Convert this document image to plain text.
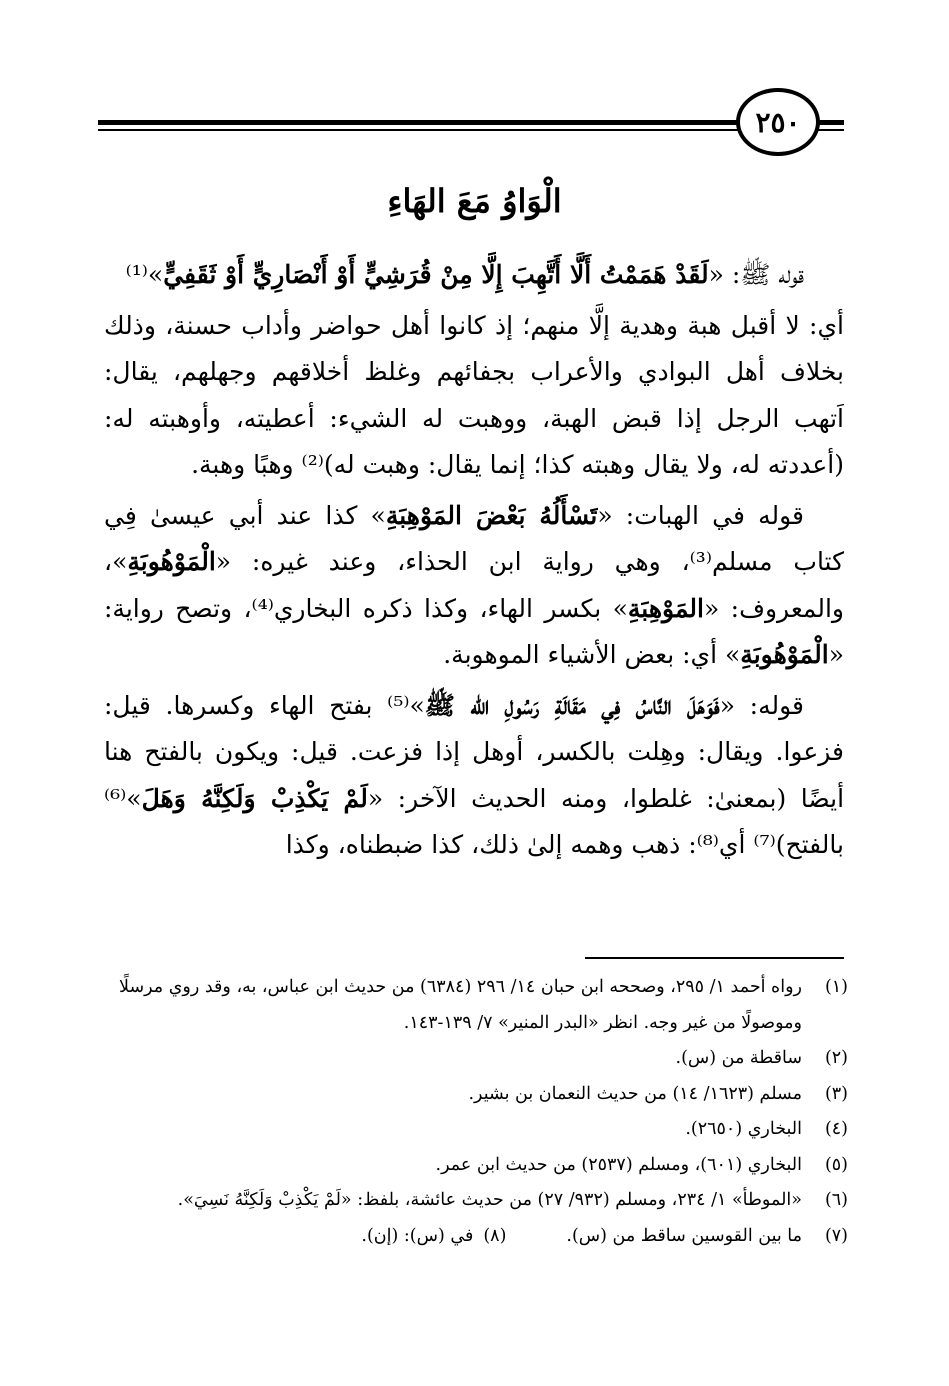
٢٥٠
الْوَاوُ مَعَ الهَاءِ

قوله ﷺ: «لَقَدْ هَمَمْتُ أَلَّا أَتَّهِبَ إِلَّا مِنْ قُرَشِيٍّ أَوْ أَنْصَارِيٍّ أَوْ ثَقَفِيٍّ»⁽¹⁾

أي: لا أقبل هبة وهدية إلَّا منهم؛ إذ كانوا أهل حواضر وأداب حسنة، وذلك بخلاف أهل البوادي والأعراب بجفائهم وغلظ أخلاقهم وجهلهم، يقال: اَتهب الرجل إذا قبض الهبة، ووهبت له الشيء: أعطيته، وأوهبته له: (أعددته له، ولا يقال وهبته كذا؛ إنما يقال: وهبت له)⁽²⁾ وهبًا وهبة.

قوله في الهبات: «تَسْأَلُهُ بَعْضَ المَوْهِبَةِ» كذا عند أبي عيسىٰ فِي كتاب مسلم⁽³⁾، وهي رواية ابن الحذاء، وعند غيره: «الْمَوْهُوبَةِ»، والمعروف: «المَوْهِبَةِ» بكسر الهاء، وكذا ذكره البخاري⁽⁴⁾، وتصح رواية: «الْمَوْهُوبَةِ» أي: بعض الأشياء الموهوبة.

قوله: «فَوَهَلَ النَّاسُ فِي مَقَالَةِ رَسُولِ الله ﷺ»⁽⁵⁾ بفتح الهاء وكسرها. قيل: فزعوا. ويقال: وهِلت بالكسر، أوهل إذا فزعت. قيل: ويكون بالفتح هنا أيضًا (بمعنىٰ: غلطوا، ومنه الحديث الآخر: «لَمْ يَكْذِبْ وَلَكِنَّهُ وَهَلَ»⁽⁶⁾ بالفتح)⁽⁷⁾ أي⁽⁸⁾: ذهب وهمه إلىٰ ذلك، كذا ضبطناه، وكذا

(١)
رواه أحمد ١/ ٢٩٥، وصححه ابن حبان ١٤/ ٢٩٦ (٦٣٨٤) من حديث ابن عباس، به، وقد روي مرسلًا وموصولًا من غير وجه. انظر «البدر المنير» ٧/ ١٣٩-١٤٣.
(٢)
ساقطة من (س).
(٣)
مسلم (١٦٢٣/ ١٤) من حديث النعمان بن بشير.
(٤)
البخاري (٢٦٥٠).
(٥)
البخاري (٦٠١)، ومسلم (٢٥٣٧) من حديث ابن عمر.
(٦)
«الموطأ» ١/ ٢٣٤، ومسلم (٩٣٢/ ٢٧) من حديث عائشة، بلفظ: «لَمْ يَكْذِبْ وَلَكِنَّهُ نَسِيَ».
(٧)
ما بين القوسين ساقط من (س).
(٨)
في (س): (إن).
